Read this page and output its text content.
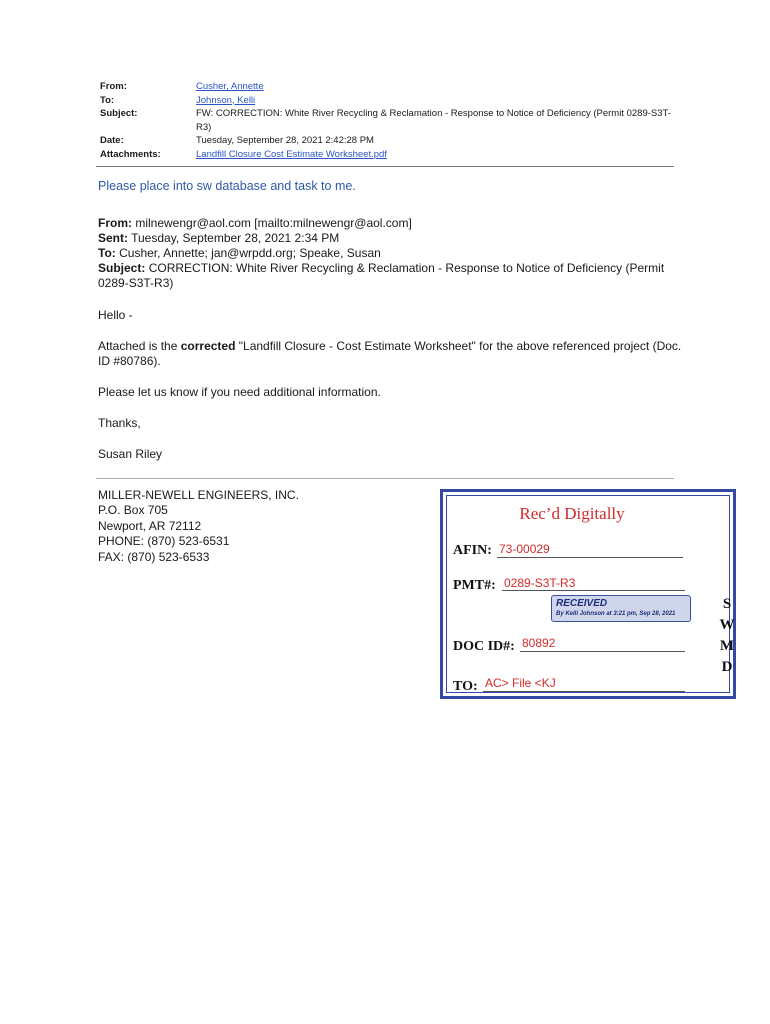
From:	Cusher, Annette
To:	Johnson, Kelli
Subject:	FW: CORRECTION: White River Recycling & Reclamation - Response to Notice of Deficiency (Permit 0289-S3T-R3)
Date:	Tuesday, September 28, 2021 2:42:28 PM
Attachments:	Landfill Closure Cost Estimate Worksheet.pdf
Please place into sw database and task to me.
From: milnewengr@aol.com [mailto:milnewengr@aol.com]
Sent: Tuesday, September 28, 2021 2:34 PM
To: Cusher, Annette; jan@wrpdd.org; Speake, Susan
Subject: CORRECTION: White River Recycling & Reclamation - Response to Notice of Deficiency (Permit 0289-S3T-R3)
Hello -
Attached is the corrected "Landfill Closure - Cost Estimate Worksheet" for the above referenced project (Doc. ID #80786).
Please let us know if you need additional information.
Thanks,
Susan Riley
MILLER-NEWELL ENGINEERS, INC.
P.O. Box 705
Newport, AR 72112
PHONE: (870) 523-6531
FAX: (870) 523-6533
Rec’d Digitally
AFIN: 73-00029
PMT#: 0289-S3T-R3
RECEIVED
By Kelli Johnson at 3:21 pm, Sep 28, 2021
DOC ID#: 80892
TO: AC> File <KJ
S
W
M
D
